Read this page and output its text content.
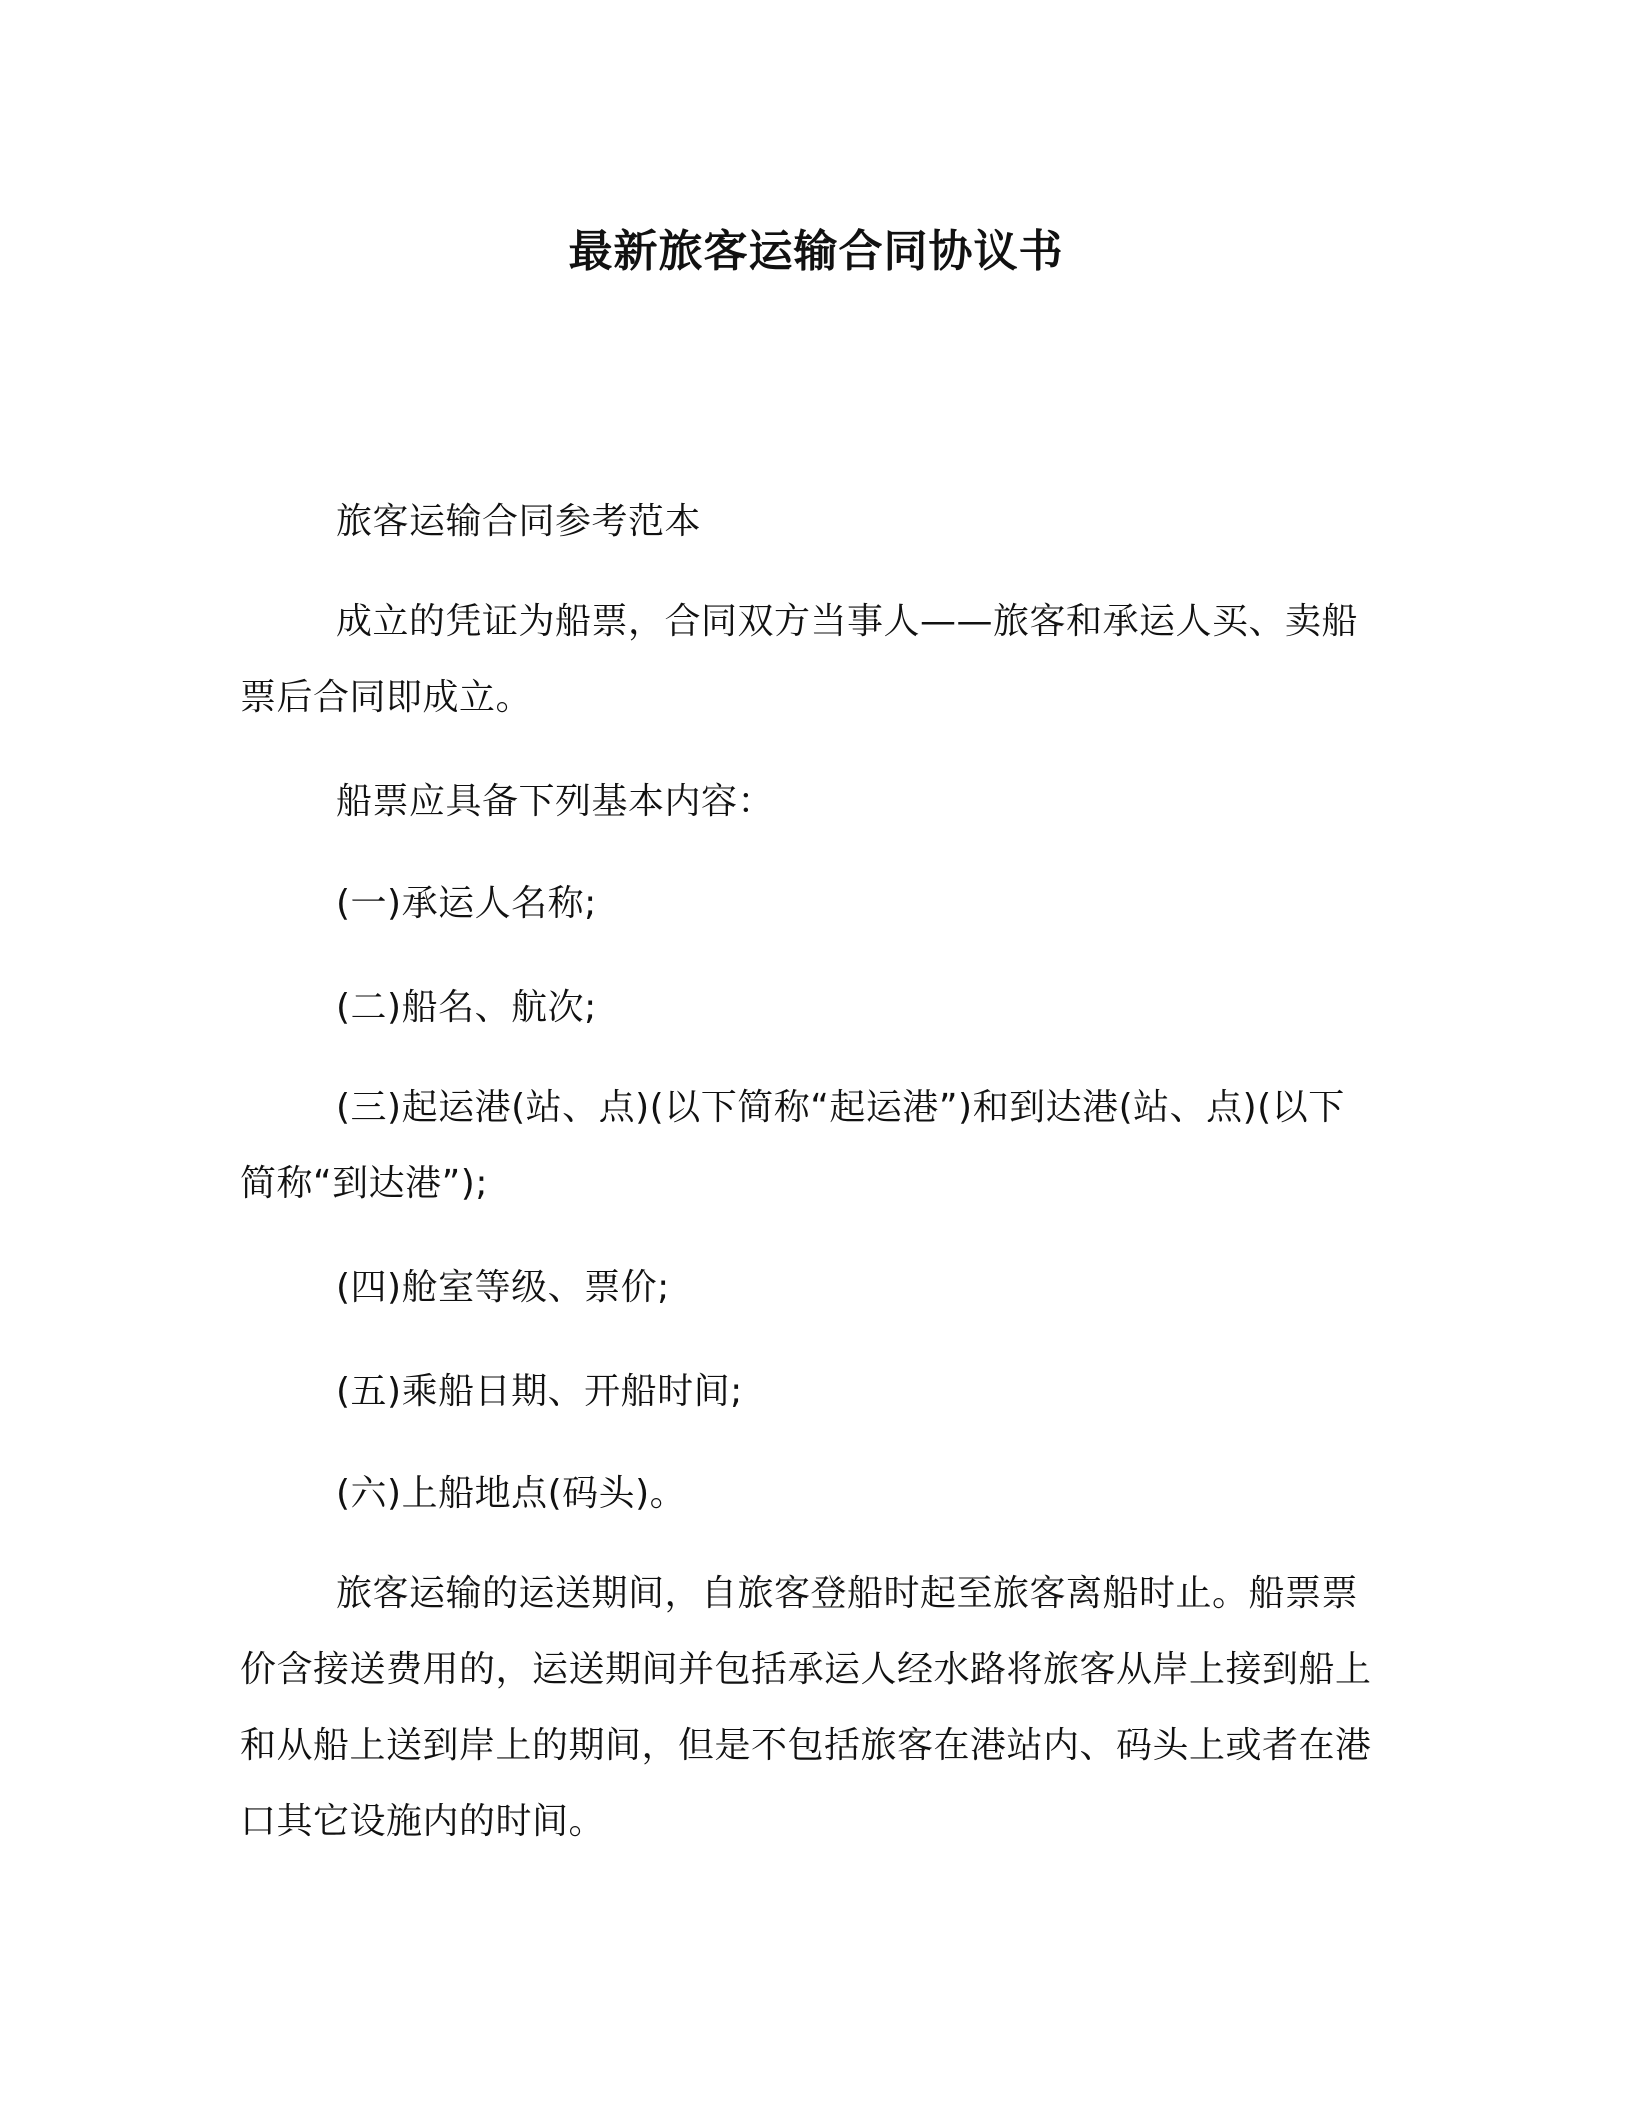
最新旅客运输合同协议书

旅客运输合同参考范本

成立的凭证为船票，合同双方当事人——旅客和承运人买、卖船票后合同即成立。

船票应具备下列基本内容：

(一)承运人名称;

(二)船名、航次;

(三)起运港(站、点)(以下简称“起运港”)和到达港(站、点)(以下简称“到达港”);

(四)舱室等级、票价;

(五)乘船日期、开船时间;

(六)上船地点(码头)。

旅客运输的运送期间，自旅客登船时起至旅客离船时止。船票票价含接送费用的，运送期间并包括承运人经水路将旅客从岸上接到船上和从船上送到岸上的期间，但是不包括旅客在港站内、码头上或者在港口其它设施内的时间。
